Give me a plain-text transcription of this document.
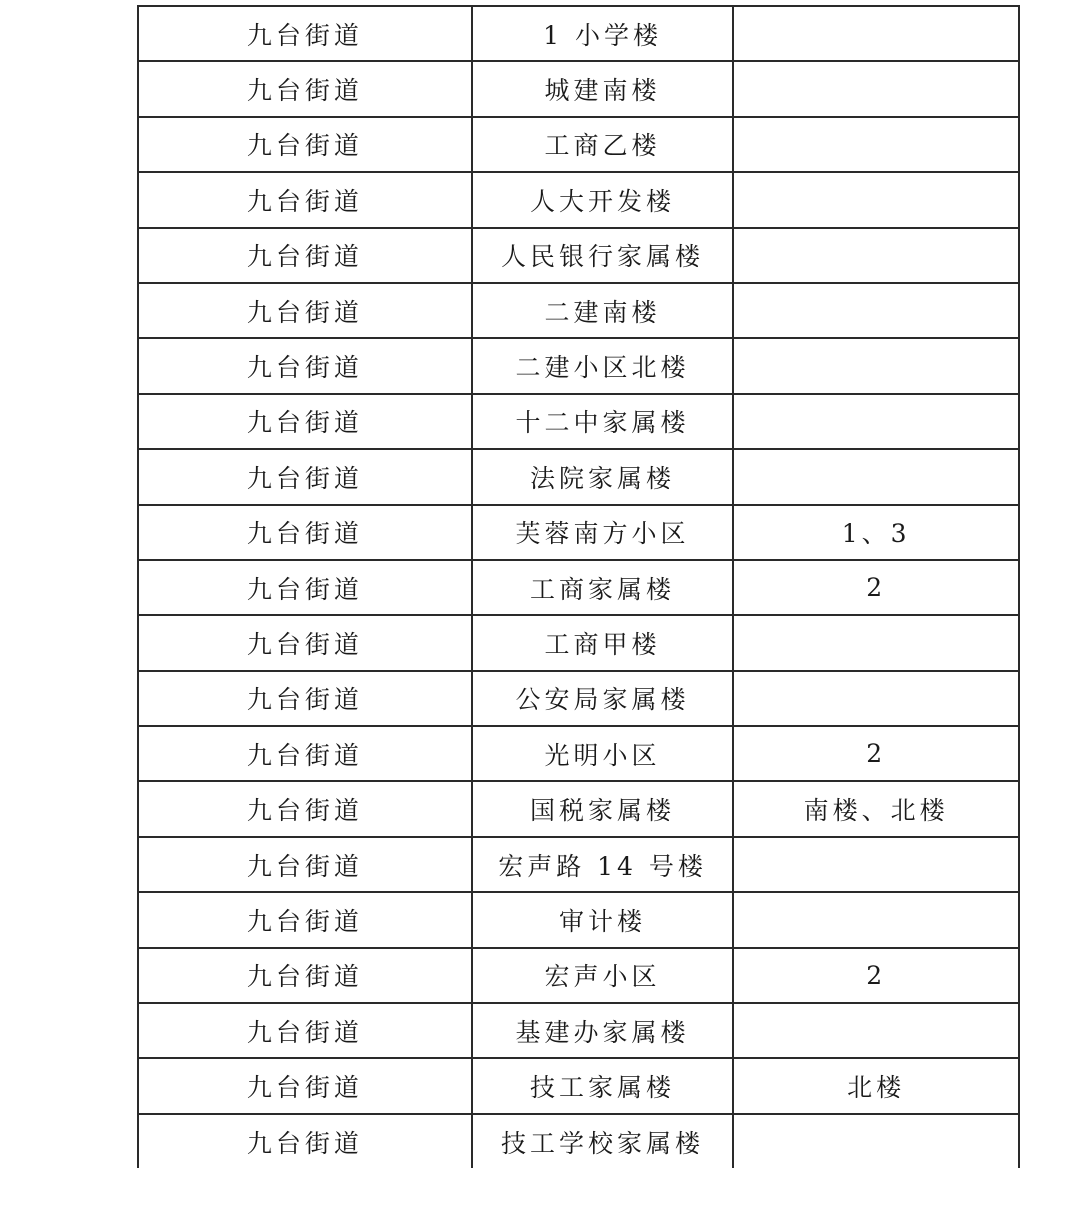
九台街道	1 小学楼	
九台街道	城建南楼	
九台街道	工商乙楼	
九台街道	人大开发楼	
九台街道	人民银行家属楼	
九台街道	二建南楼	
九台街道	二建小区北楼	
九台街道	十二中家属楼	
九台街道	法院家属楼	
九台街道	芙蓉南方小区	1、3
九台街道	工商家属楼	2
九台街道	工商甲楼	
九台街道	公安局家属楼	
九台街道	光明小区	2
九台街道	国税家属楼	南楼、北楼
九台街道	宏声路 14 号楼	
九台街道	审计楼	
九台街道	宏声小区	2
九台街道	基建办家属楼	
九台街道	技工家属楼	北楼
九台街道	技工学校家属楼	
